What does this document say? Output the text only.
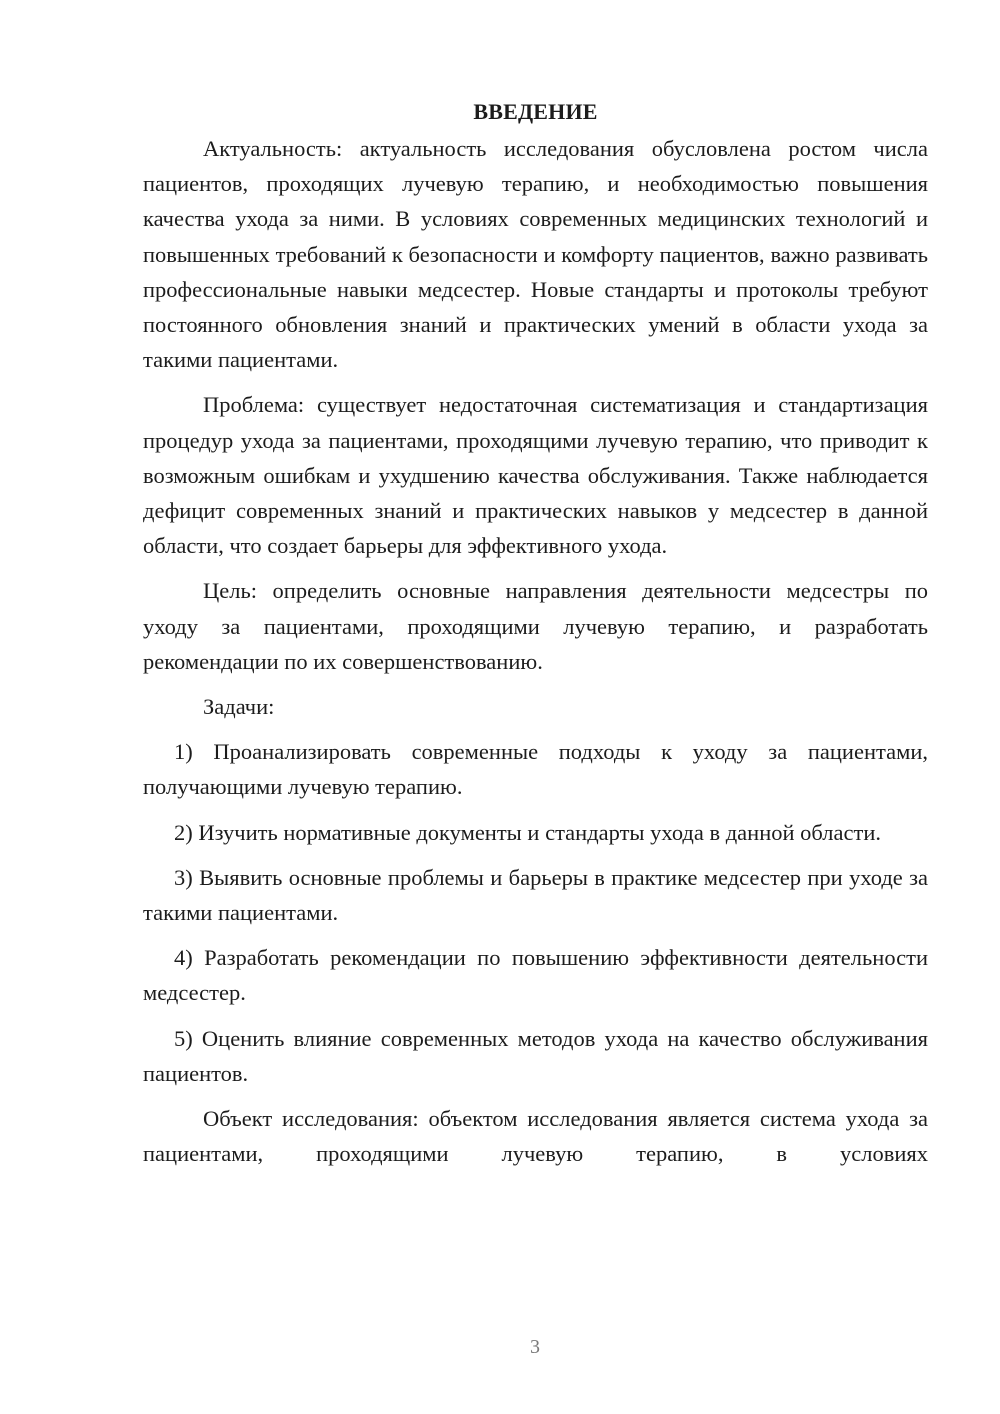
ВВЕДЕНИЕ

Актуальность: актуальность исследования обусловлена ростом числа пациентов, проходящих лучевую терапию, и необходимостью повышения качества ухода за ними. В условиях современных медицинских технологий и повышенных требований к безопасности и комфорту пациентов, важно развивать профессиональные навыки медсестер. Новые стандарты и протоколы требуют постоянного обновления знаний и практических умений в области ухода за такими пациентами.

Проблема: существует недостаточная систематизация и стандартизация процедур ухода за пациентами, проходящими лучевую терапию, что приводит к возможным ошибкам и ухудшению качества обслуживания. Также наблюдается дефицит современных знаний и практических навыков у медсестер в данной области, что создает барьеры для эффективного ухода.

Цель: определить основные направления деятельности медсестры по уходу за пациентами, проходящими лучевую терапию, и разработать рекомендации по их совершенствованию.

Задачи:

1) Проанализировать современные подходы к уходу за пациентами, получающими лучевую терапию.

2) Изучить нормативные документы и стандарты ухода в данной области.

3) Выявить основные проблемы и барьеры в практике медсестер при уходе за такими пациентами.

4) Разработать рекомендации по повышению эффективности деятельности медсестер.

5) Оценить влияние современных методов ухода на качество обслуживания пациентов.

Объект исследования: объектом исследования является система ухода за пациентами, проходящими лучевую терапию, в условиях

3
